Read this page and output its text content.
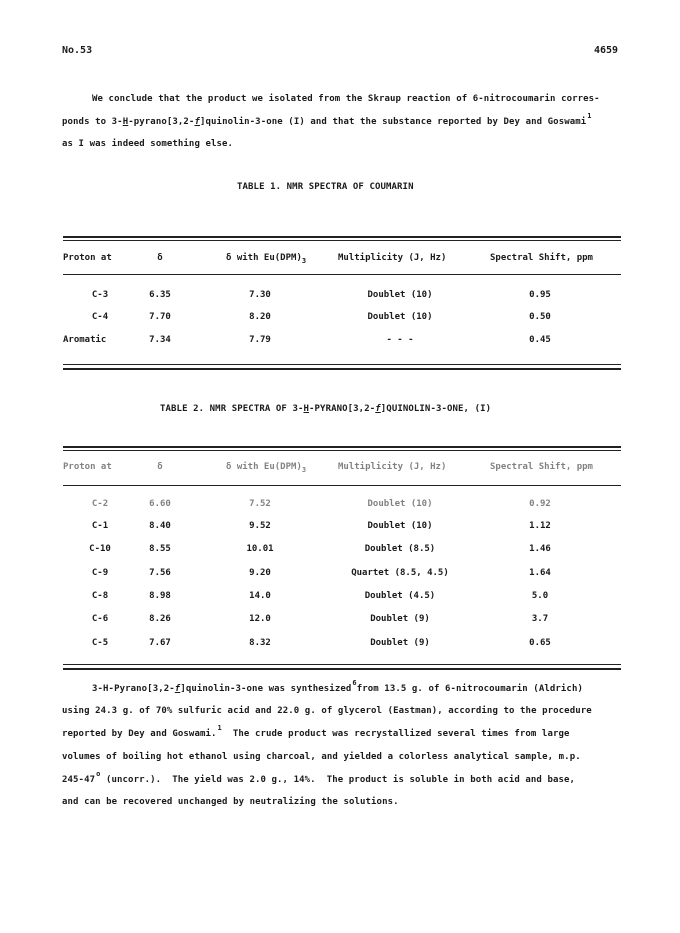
No.53	4659
We conclude that the product we isolated from the Skraup reaction of 6-nitrocoumarin corres-
ponds to 3-H-pyrano[3,2-f]quinolin-3-one (I) and that the substance reported by Dey and Goswami$^1$
as I was indeed something else.
TABLE 1. NMR SPECTRA OF COUMARIN
Proton at	δ	δ with $Eu(DPM)_3$	Multiplicity (J, Hz)	Spectral Shift, ppm
C-3	6.35	7.30	Doublet (10)	0.95
C-4	7.70	8.20	Doublet (10)	0.50
Aromatic	7.34	7.79	- - -	0.45
TABLE 2. NMR SPECTRA OF 3-H-PYRANO[3,2-f]QUINOLIN-3-ONE, (I)
Proton at	δ	δ with $Eu(DPM)_3$	Multiplicity (J, Hz)	Spectral Shift, ppm
C-2	6.60	7.52	Doublet (10)	0.92
C-1	8.40	9.52	Doublet (10)	1.12
C-10	8.55	10.01	Doublet (8.5)	1.46
C-9	7.56	9.20	Quartet (8.5, 4.5)	1.64
C-8	8.98	14.0	Doublet (4.5)	5.0
C-6	8.26	12.0	Doublet (9)	3.7
C-5	7.67	8.32	Doublet (9)	0.65
3-H-Pyrano[3,2-f]quinolin-3-one was synthesized$^6$from 13.5 g. of 6-nitrocoumarin (Aldrich)
using 24.3 g. of 70% sulfuric acid and 22.0 g. of glycerol (Eastman), according to the procedure
reported by Dey and Goswami.$^1$  The crude product was recrystallized several times from large
volumes of boiling hot ethanol using charcoal, and yielded a colorless analytical sample, m.p.
245-47$^o$ (uncorr.).  The yield was 2.0 g., 14%.  The product is soluble in both acid and base,
and can be recovered unchanged by neutralizing the solutions.
